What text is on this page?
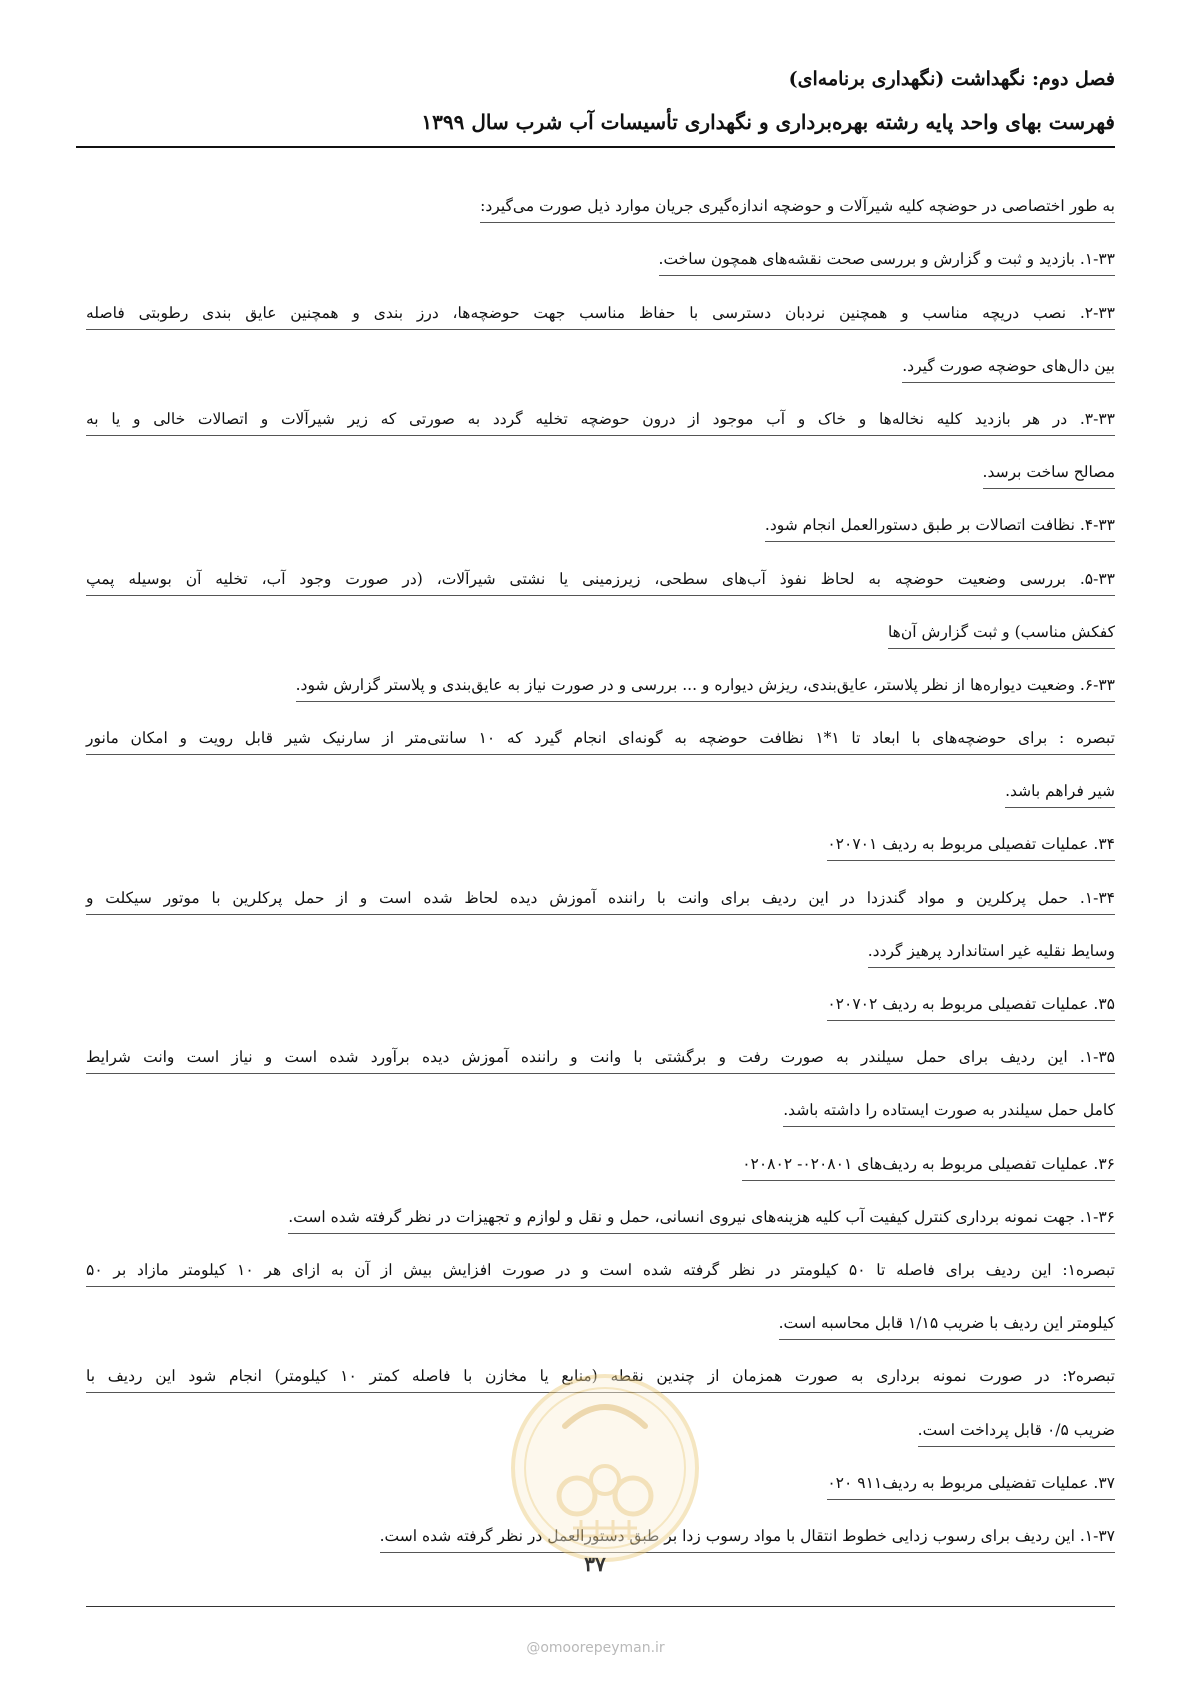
فصل دوم: نگهداشت (نگهداری برنامه‌ای)
فهرست بهای واحد پایه رشته بهره‌برداری و نگهداری تأسیسات آب شرب سال ۱۳۹۹
به طور اختصاصی در حوضچه کلیه شیرآلات و حوضچه اندازه‌گیری جریان موارد ذیل صورت می‌گیرد:
۱-۳۳. بازدید و ثبت و گزارش و بررسی صحت نقشه‌های همچون ساخت.
۲-۳۳. نصب دریچه مناسب و همچنین نردبان دسترسی با حفاظ مناسب جهت حوضچه‌ها، درز بندی و همچنین عایق بندی رطوبتی فاصله
بین دال‌های حوضچه صورت گیرد.
۳-۳۳. در هر بازدید کلیه نخاله‌ها و خاک و آب موجود از درون حوضچه تخلیه گردد به صورتی که زیر شیرآلات و اتصالات خالی و یا به
مصالح ساخت برسد.
۴-۳۳. نظافت اتصالات بر طبق دستورالعمل انجام شود.
۵-۳۳. بررسی وضعیت حوضچه به لحاظ نفوذ آب‌های سطحی، زیرزمینی یا نشتی شیرآلات، (در صورت وجود آب، تخلیه آن بوسیله پمپ
کفکش مناسب) و ثبت گزارش آن‌ها
۶-۳۳. وضعیت دیواره‌ها از نظر پلاستر، عایق‌بندی، ریزش دیواره و ... بررسی و در صورت نیاز به عایق‌بندی و پلاستر گزارش شود.
تبصره : برای حوضچه‌های با ابعاد تا ۱*۱ نظافت حوضچه به گونه‌ای انجام گیرد که ۱۰ سانتی‌متر از سارنیک شیر قابل رویت و امکان مانور
شیر فراهم باشد.
۳۴. عملیات تفصیلی مربوط به ردیف ۰۲۰۷۰۱
۱-۳۴. حمل پرکلرین و مواد گندزدا در این ردیف برای وانت با راننده آموزش دیده لحاظ شده است و از حمل پرکلرین با موتور سیکلت و
وسایط نقلیه غیر استاندارد پرهیز گردد.
۳۵. عملیات تفصیلی مربوط به ردیف ۰۲۰۷۰۲
۱-۳۵. این ردیف برای حمل سیلندر به صورت رفت و برگشتی با وانت و راننده آموزش دیده برآورد شده است و نیاز است وانت شرایط
کامل حمل سیلندر به صورت ایستاده را داشته باشد.
۳۶. عملیات تفصیلی مربوط به ردیف‌های ۰۲۰۸۰۱- ۰۲۰۸۰۲
۱-۳۶. جهت نمونه برداری کنترل کیفیت آب کلیه هزینه‌های نیروی انسانی، حمل و نقل و لوازم و تجهیزات در نظر گرفته شده است.
تبصره۱: این ردیف برای فاصله تا ۵۰ کیلومتر در نظر گرفته شده است و در صورت افزایش بیش از آن به ازای هر ۱۰ کیلومتر مازاد بر ۵۰
کیلومتر این ردیف با ضریب ۱/۱۵ قابل محاسبه است.
تبصره۲: در صورت نمونه برداری به صورت همزمان از چندین نقطه (منابع یا مخازن با فاصله کمتر ۱۰ کیلومتر) انجام شود این ردیف با
ضریب ۰/۵ قابل پرداخت است.
۳۷. عملیات تفضیلی مربوط به ردیف۹۱۱ ۰۲۰
۱-۳۷. این ردیف برای رسوب زدایی خطوط انتقال با مواد رسوب زدا بر طبق دستورالعمل در نظر گرفته شده است.
۳۷
@omoorepeyman.ir
